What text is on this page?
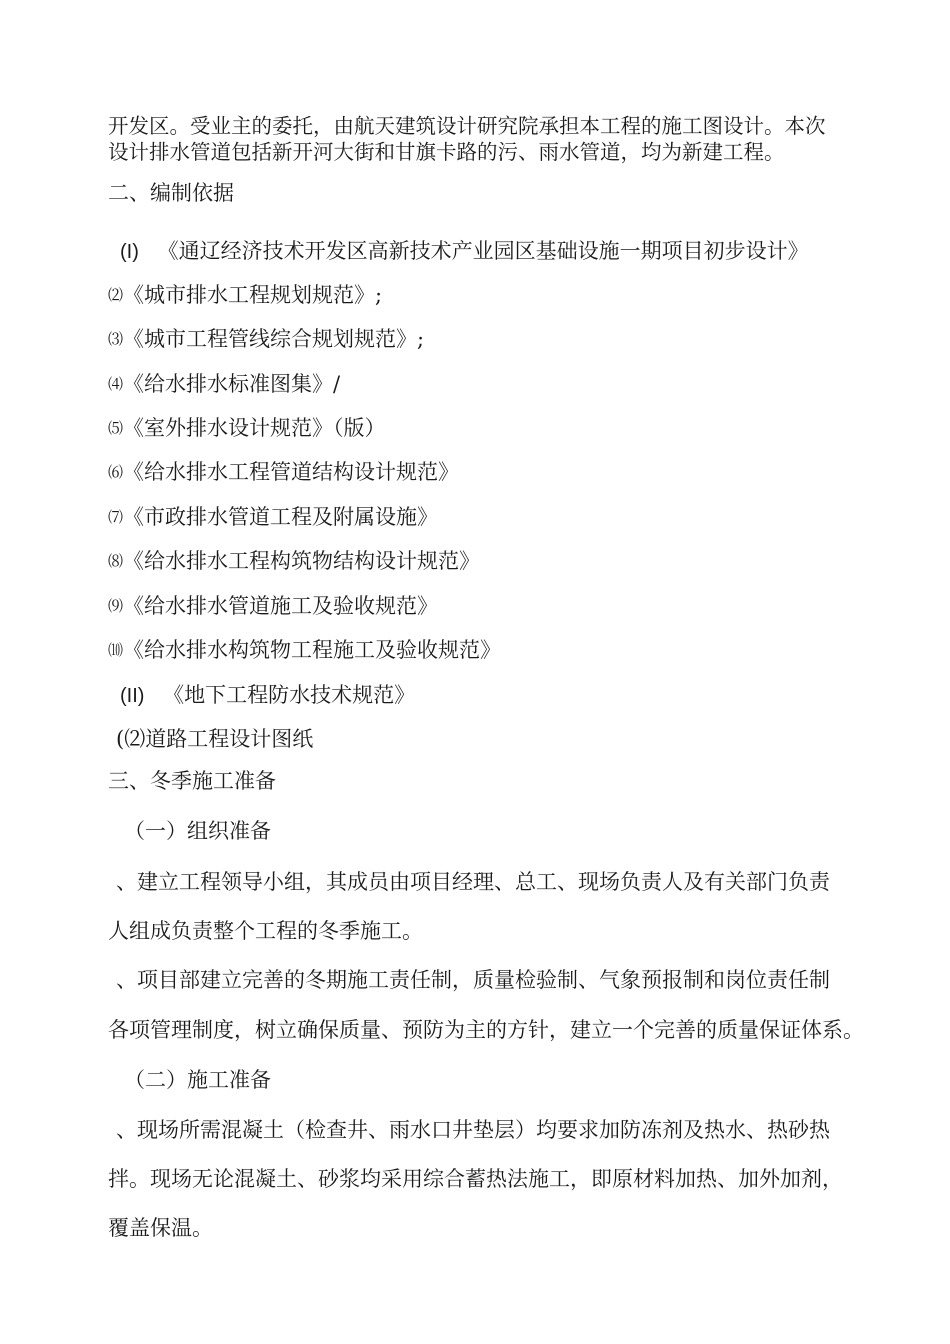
开发区。受业主的委托，由航天建筑设计研究院承担本工程的施工图设计。本次
设计排水管道包括新开河大街和甘旗卡路的污、雨水管道，均为新建工程。
二、编制依据
(I) 《通辽经济技术开发区高新技术产业园区基础设施一期项目初步设计》
⑵《城市排水工程规划规范》;
⑶《城市工程管线综合规划规范》;
⑷《给水排水标准图集》/
⑸《室外排水设计规范》（版）
⑹《给水排水工程管道结构设计规范》
⑺《市政排水管道工程及附属设施》
⑻《给水排水工程构筑物结构设计规范》
⑼《给水排水管道施工及验收规范》
⑽《给水排水构筑物工程施工及验收规范》
(II) 《地下工程防水技术规范》
(⑵道路工程设计图纸
三、冬季施工准备
（一）组织准备
、建立工程领导小组，其成员由项目经理、总工、现场负责人及有关部门负责
人组成负责整个工程的冬季施工。
、项目部建立完善的冬期施工责任制，质量检验制、气象预报制和岗位责任制
各项管理制度，树立确保质量、预防为主的方针，建立一个完善的质量保证体系。
（二）施工准备
、现场所需混凝土（检查井、雨水口井垫层）均要求加防冻剂及热水、热砂热
拌。现场无论混凝土、砂浆均采用综合蓄热法施工，即原材料加热、加外加剂，
覆盖保温。
